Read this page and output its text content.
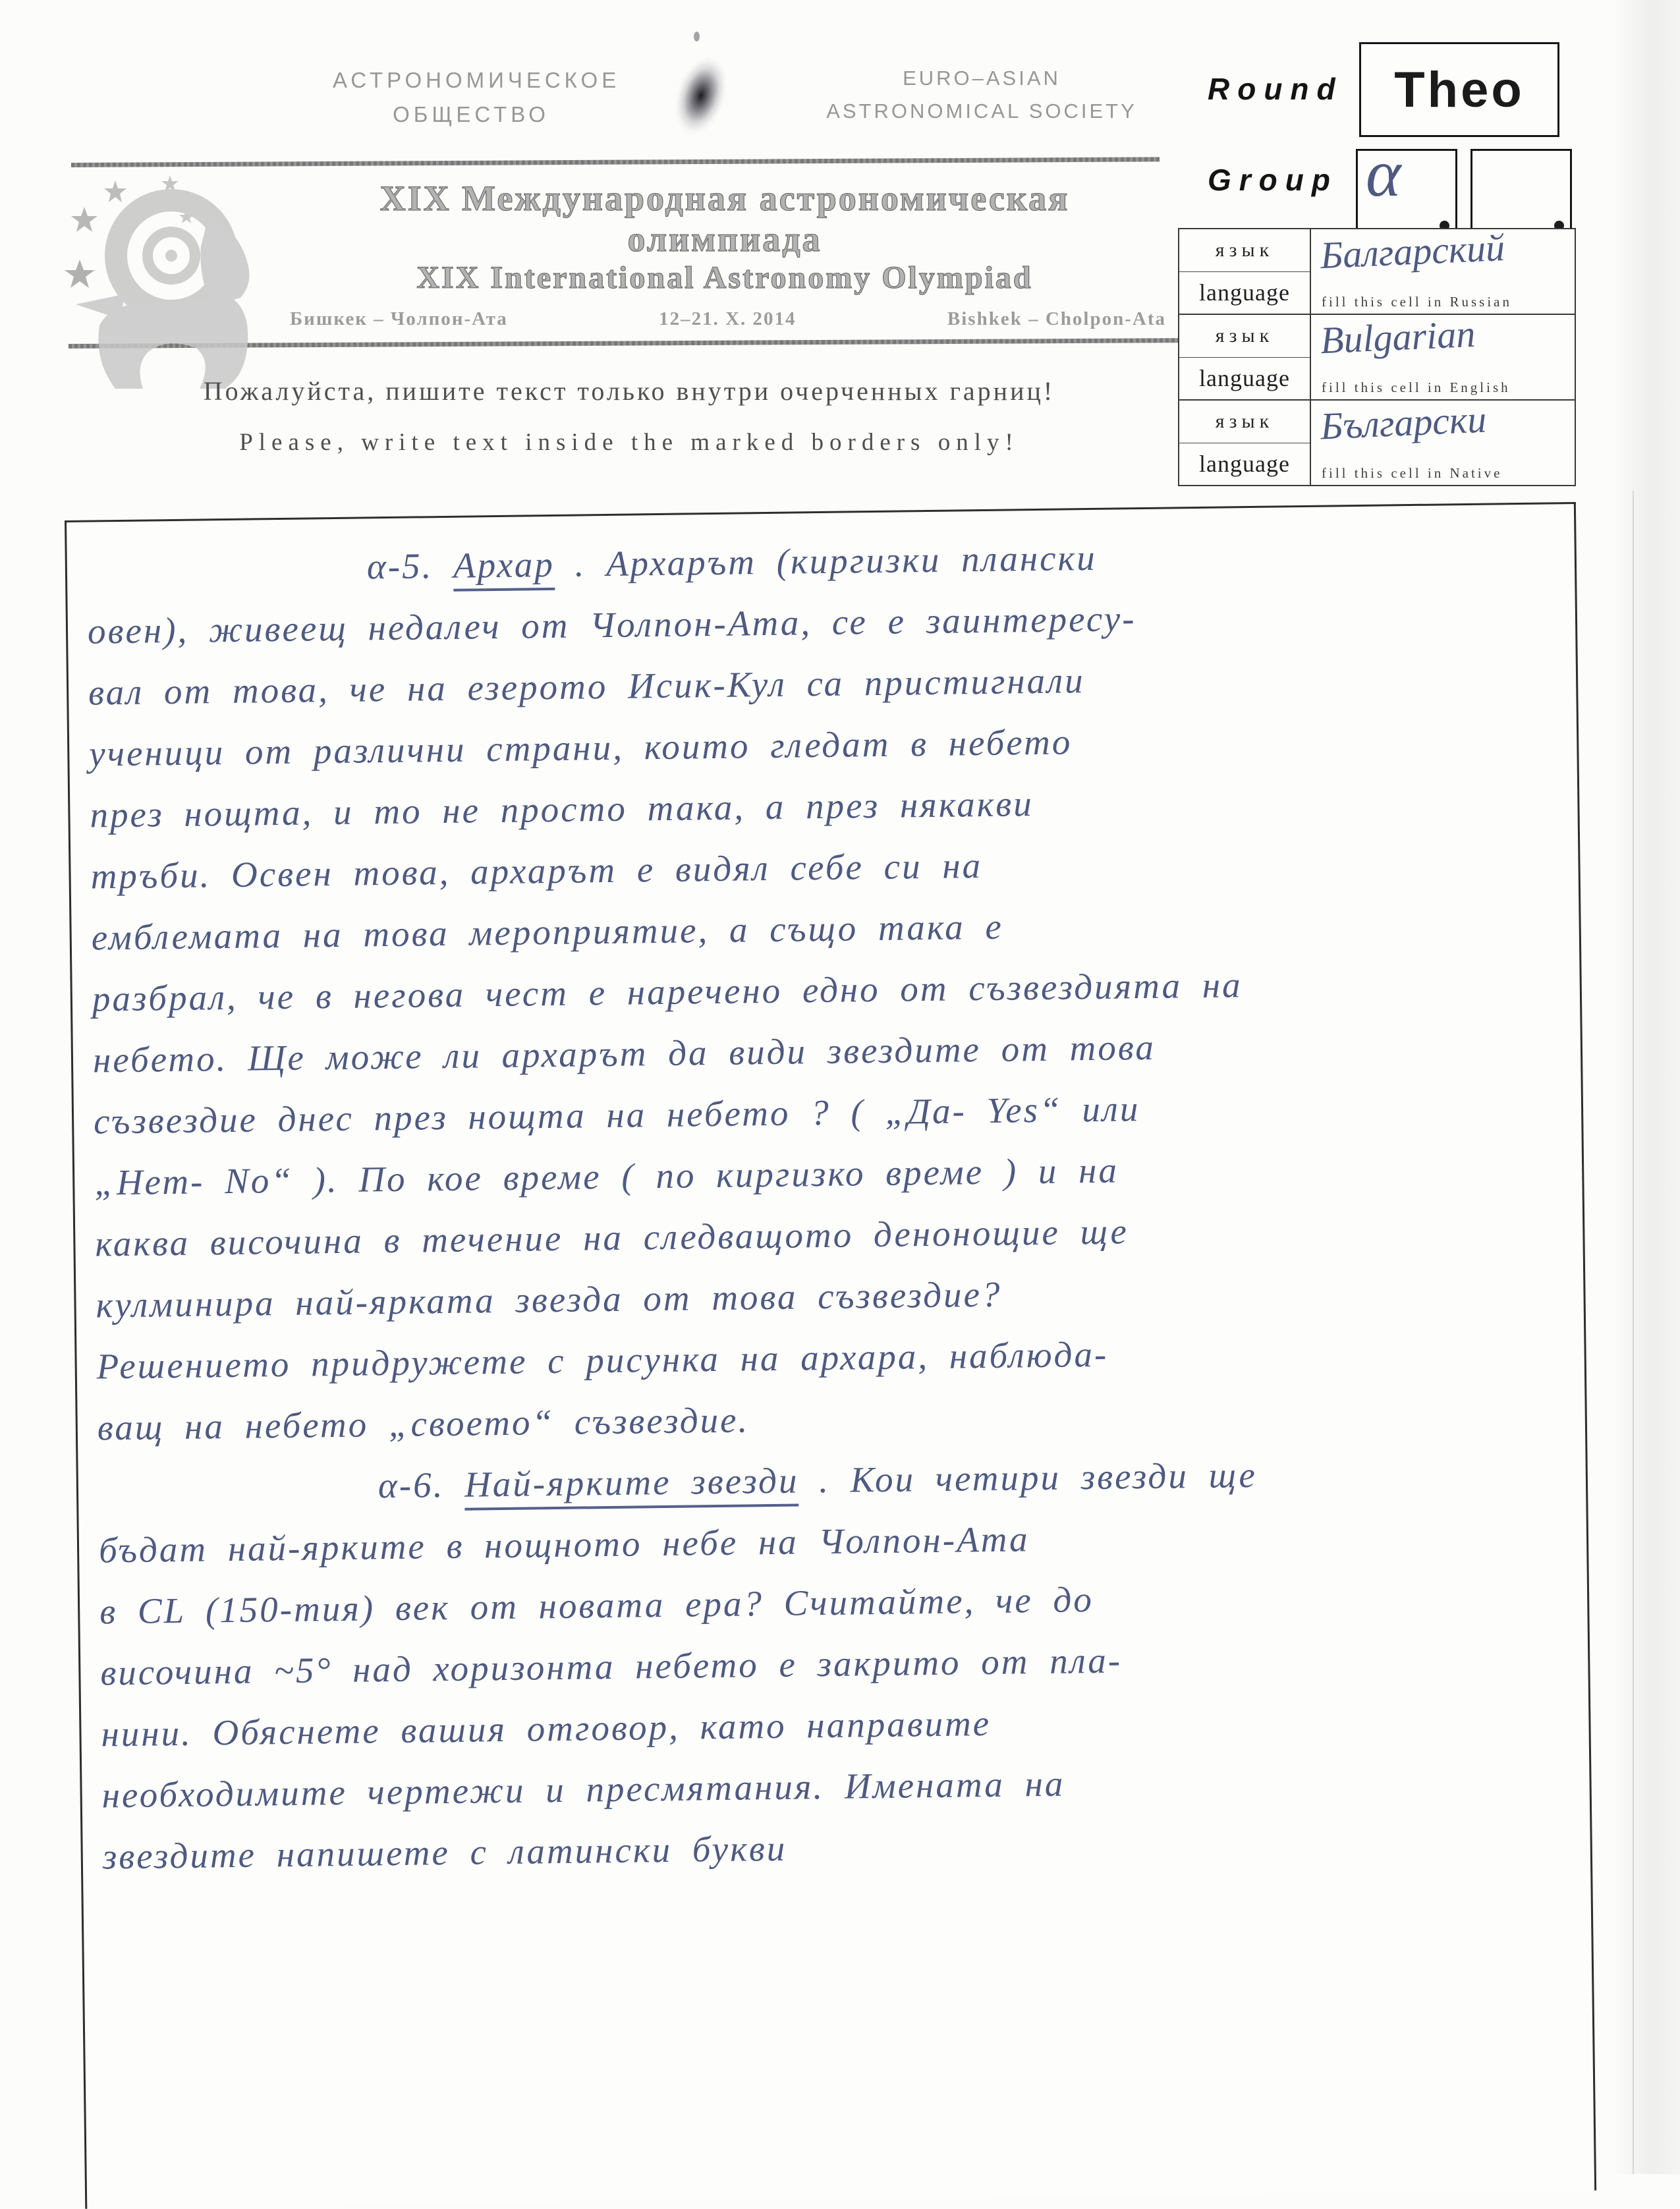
АСТРОНОМИЧЕСКОЕ
ОБЩЕСТВО
EURO–ASIAN
ASTRONOMICAL SOCIETY
Round Theo
Group α
XIX Международная астрономическая олимпиада
XIX International Astronomy Olympiad
Бишкек – Чолпон-Ата	12–21. X. 2014	Bishkek – Cholpon-Ata
язык
language
Балгарский
fill this cell in Russian
язык
language
Bulgarian
fill this cell in English
язык
language
Български
fill this cell in Native
Пожалуйста, пишите текст только внутри очерченных гарниц!
Please, write text inside the marked borders only!
α-5. Архар . Архарът (киргизки плански
овен), живеещ недалеч от Чолпон-Ата, се е заинтересу-
вал от това, че на езерото Исик-Кул са пристигнали
ученици от различни страни, които гледат в небето
през нощта, и то не просто така, а през някакви
тръби. Освен това, архарът е видял себе си на
емблемата на това мероприятие, а също така е
разбрал, че в негова чест е наречено едно от съзвездията на
небето. Ще може ли архарът да види звездите от това
съзвездие днес през нощта на небето ? ( „Да- Yes“ или
„Нет- No“ ). По кое време ( по киргизко време ) и на
каква височина в течение на следващото денонощие ще
кулминира най-ярката звезда от това съзвездие?
Решението придружете с рисунка на архара, наблюда-
ващ на небето „своето“ съзвездие.
α-6. Най-ярките звезди . Кои четири звезди ще
бъдат най-ярките в нощното небе на Чолпон-Ата
в CL (150-тия) век от новата ера? Считайте, че до
височина ~5° над хоризонта небето е закрито от пла-
нини. Обяснете вашия отговор, като направите
необходимите чертежи и пресмятания. Имената на
звездите напишете с латински букви
